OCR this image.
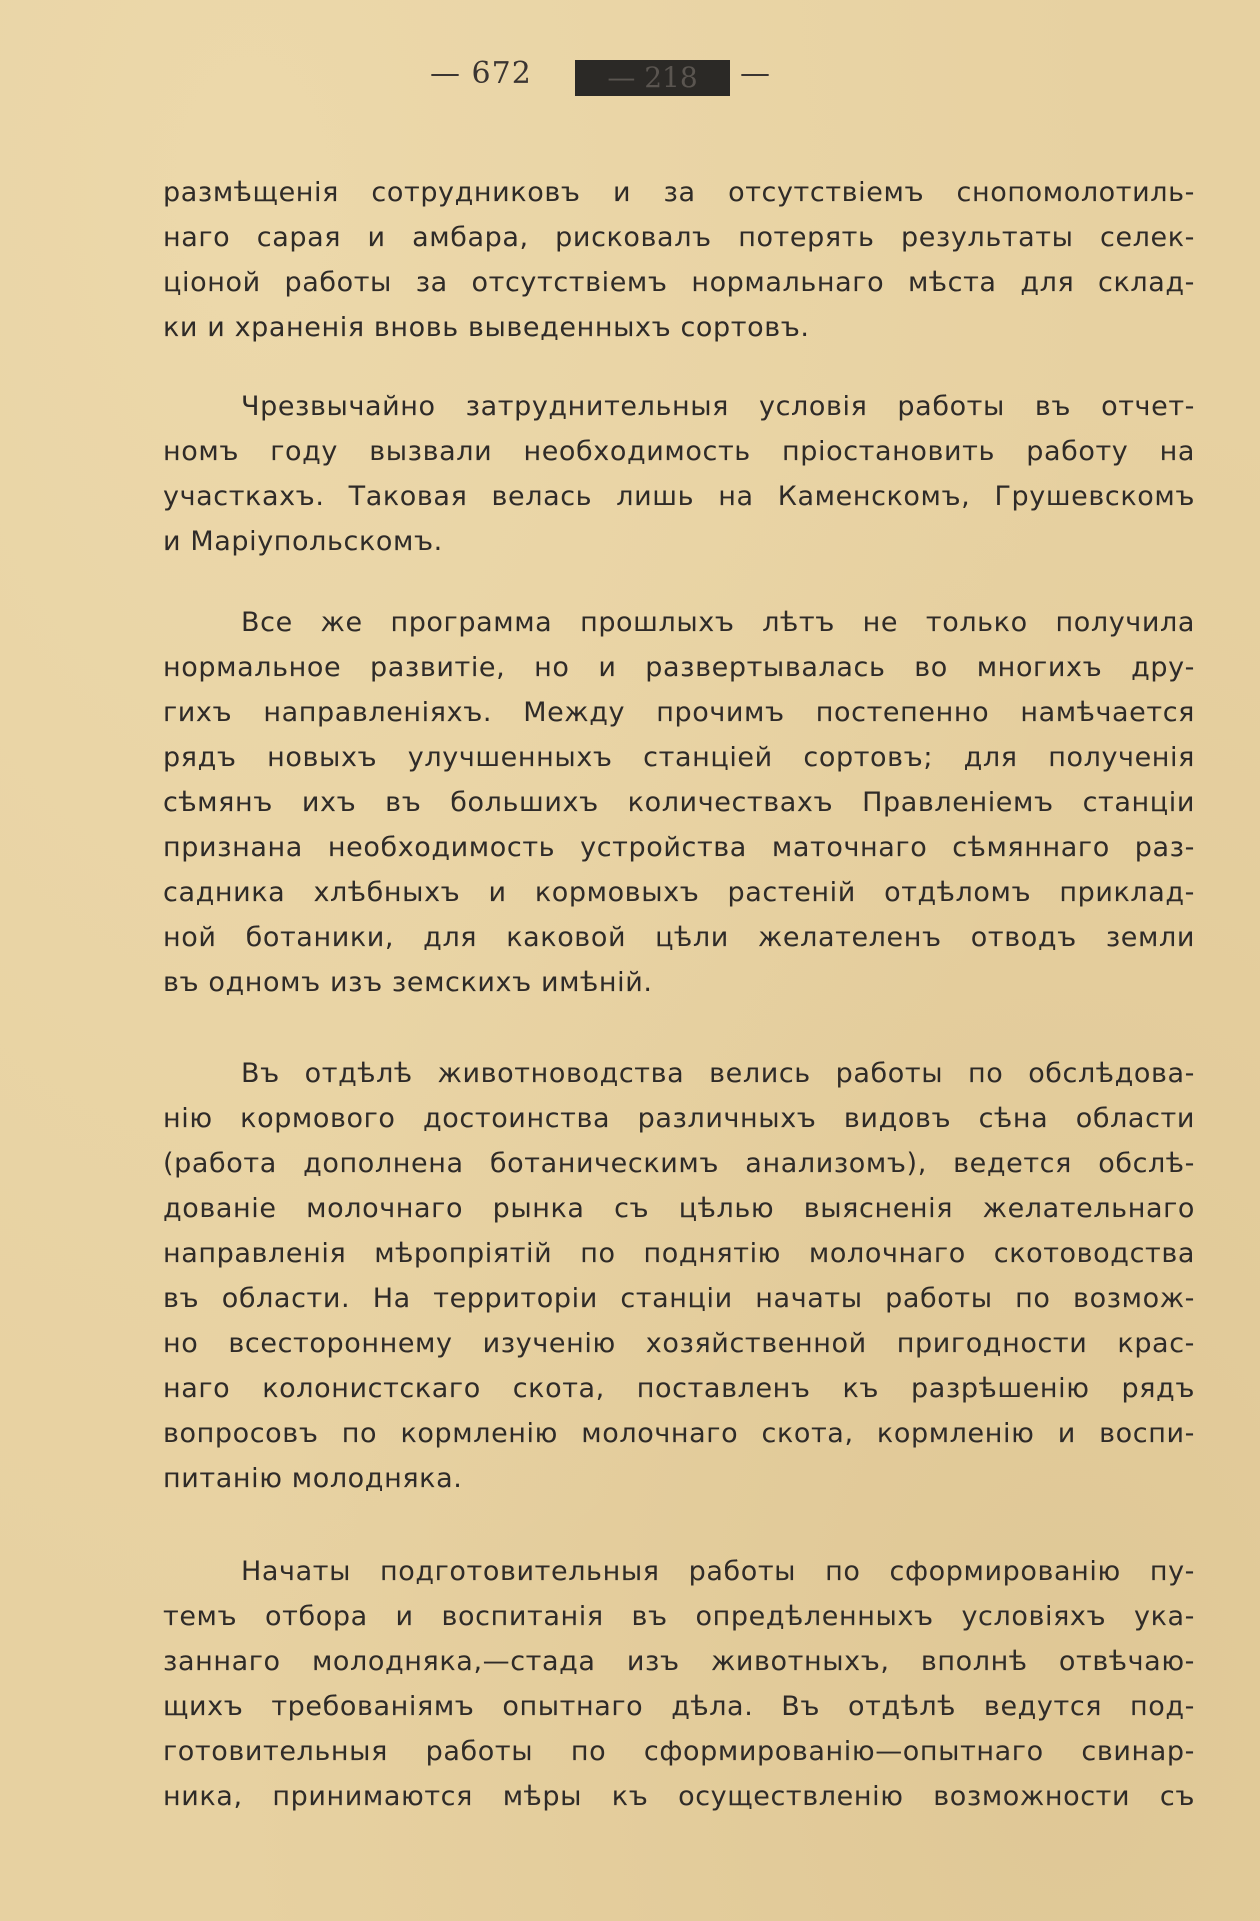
— 672	— 218	—
размѣщенія сотрудниковъ и за отсутствіемъ снопомолотиль-
наго сарая и амбара, рисковалъ потерять результаты селек-
ціоной работы за отсутствіемъ нормальнаго мѣста для склад-
ки и храненія вновь выведенныхъ сортовъ.
Чрезвычайно затруднительныя условія работы въ отчет-
номъ году вызвали необходимость пріостановить работу на
участкахъ. Таковая велась лишь на Каменскомъ, Грушевскомъ
и Маріупольскомъ.
Все же программа прошлыхъ лѣтъ не только получила
нормальное развитіе, но и развертывалась во многихъ дру-
гихъ направленіяхъ. Между прочимъ постепенно намѣчается
рядъ новыхъ улучшенныхъ станціей сортовъ; для полученія
сѣмянъ ихъ въ большихъ количествахъ Правленіемъ станціи
признана необходимость устройства маточнаго сѣмяннаго раз-
садника хлѣбныхъ и кормовыхъ растеній отдѣломъ приклад-
ной ботаники, для каковой цѣли желателенъ отводъ земли
въ одномъ изъ земскихъ имѣній.
Въ отдѣлѣ животноводства велись работы по обслѣдова-
нію кормового достоинства различныхъ видовъ сѣна области
(работа дополнена ботаническимъ анализомъ), ведется обслѣ-
дованіе молочнаго рынка съ цѣлью выясненія желательнаго
направленія мѣропріятій по поднятію молочнаго скотоводства
въ области. На территоріи станціи начаты работы по возмож-
но всестороннему изученію хозяйственной пригодности крас-
наго колонистскаго скота, поставленъ къ разрѣшенію рядъ
вопросовъ по кормленію молочнаго скота, кормленію и воспи-
питанію молодняка.
Начаты подготовительныя работы по сформированію пу-
темъ отбора и воспитанія въ опредѣленныхъ условіяхъ ука-
заннаго молодняка,—стада изъ животныхъ, вполнѣ отвѣчаю-
щихъ требованіямъ опытнаго дѣла. Въ отдѣлѣ ведутся под-
готовительныя работы по сформированію—опытнаго свинар-
ника, принимаются мѣры къ осуществленію возможности съ
